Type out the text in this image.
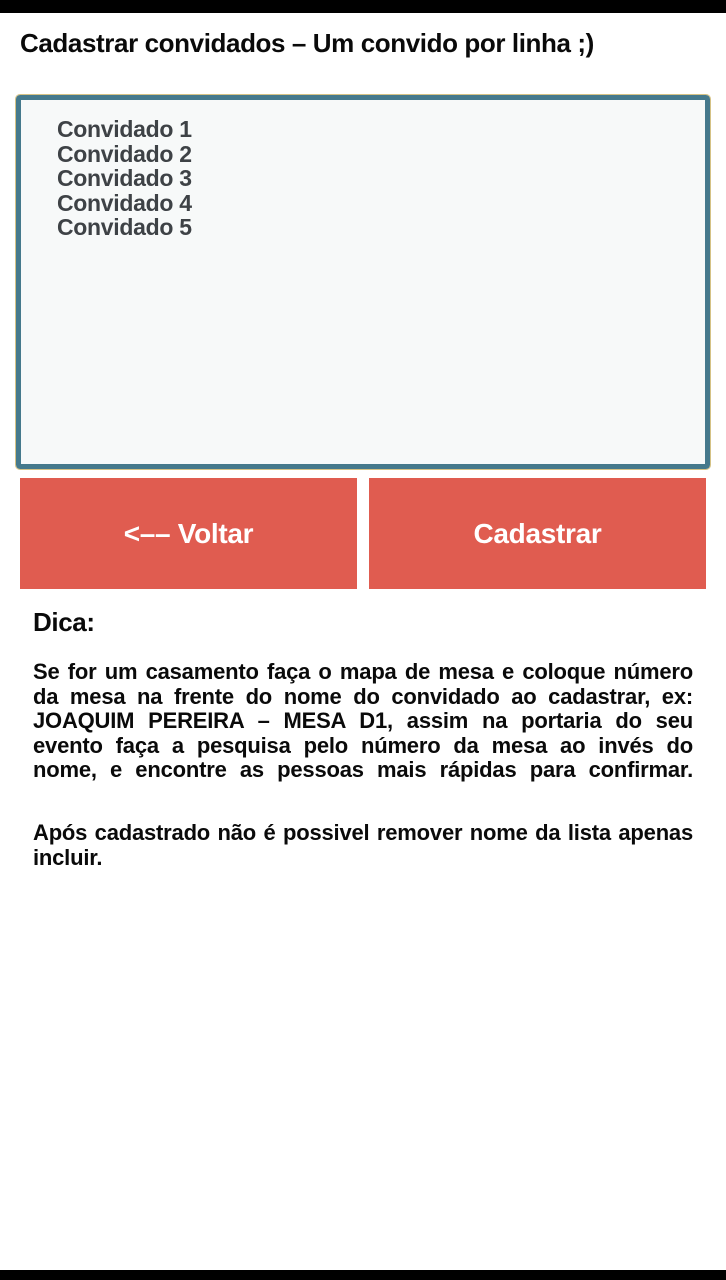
Cadastrar convidados – Um convido por linha ;)
Convidado 1 Convidado 2 Convidado 3 Convidado 4 Convidado 5
<–– Voltar	Cadastrar
Dica:
Se for um casamento faça o mapa de mesa e coloque número
da mesa na frente do nome do convidado ao cadastrar, ex:
JOAQUIM PEREIRA – MESA D1, assim na portaria do seu
evento faça a pesquisa pelo número da mesa ao invés do
nome, e encontre as pessoas mais rápidas para confirmar.
Após cadastrado não é possivel remover nome da lista apenas
incluir.
